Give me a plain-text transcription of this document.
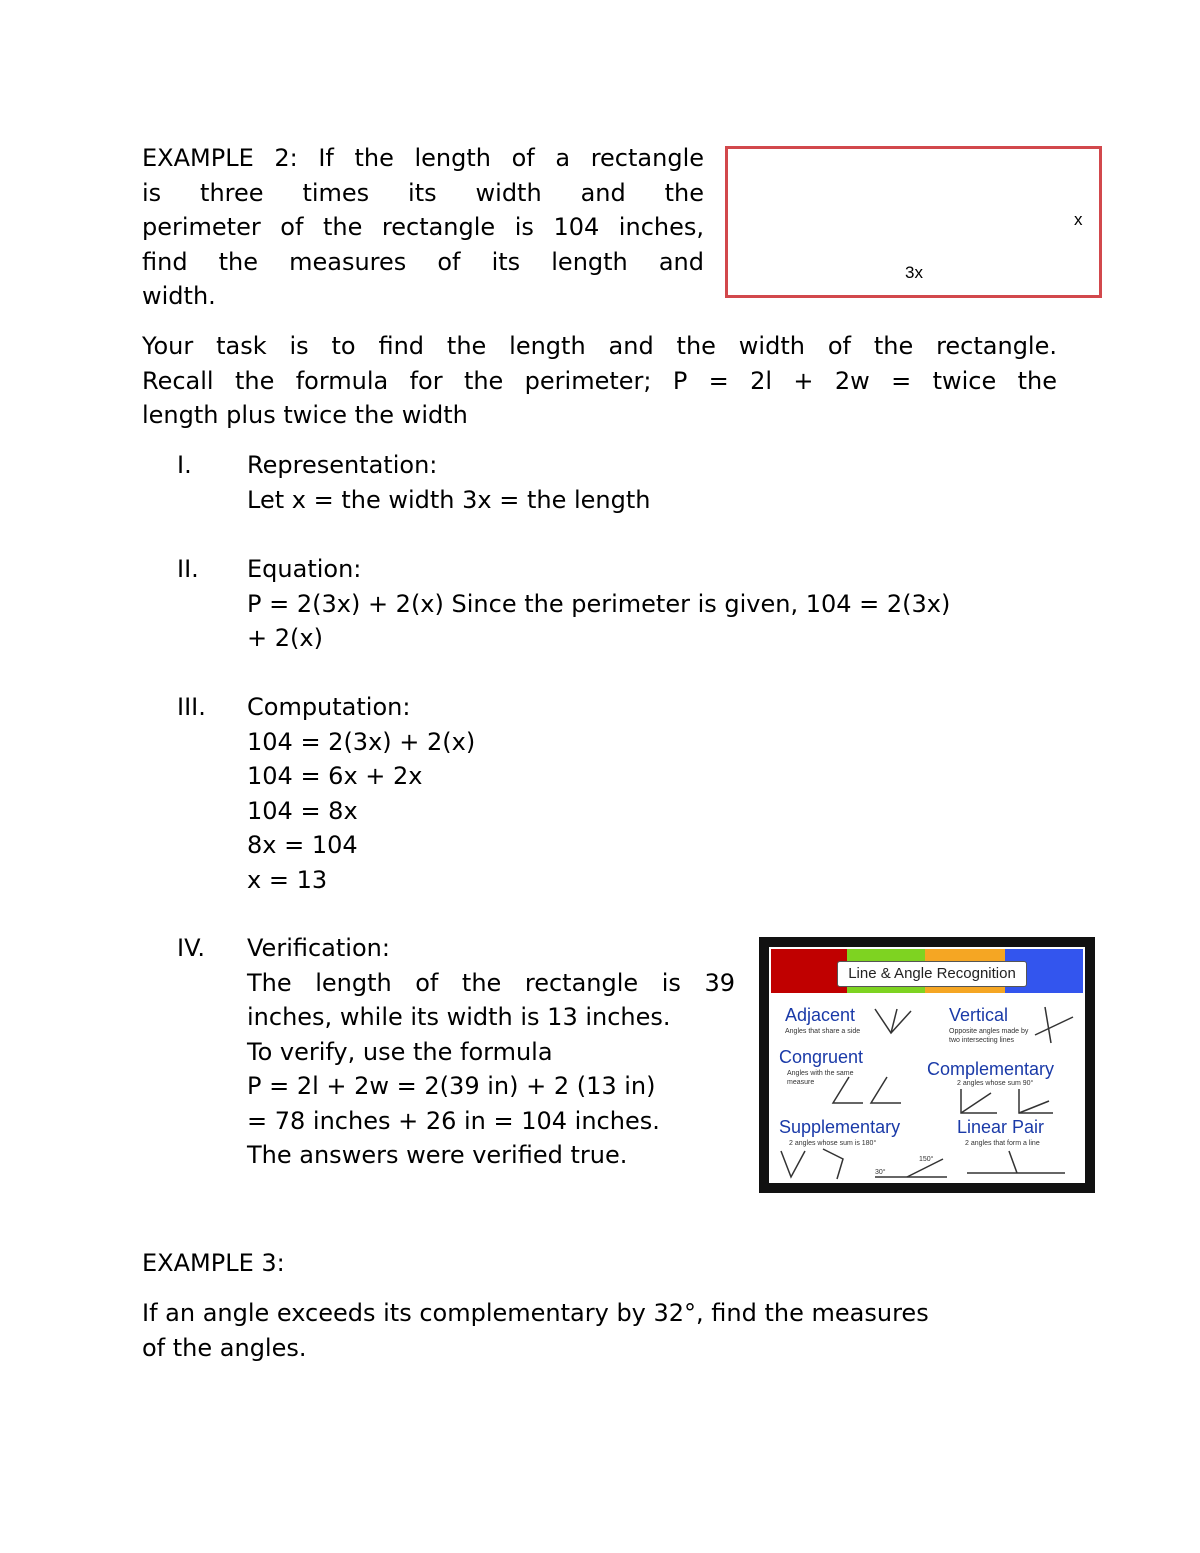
EXAMPLE 2: If the length of a rectangle
is three times its width and the
perimeter of the rectangle is 104 inches,
find the measures of its length and
width.
x
3x
Your task is to find the length and the width of the rectangle.
Recall the formula for the perimeter; P = 2l + 2w = twice the
length plus twice the width
I. Representation:
Let x = the width 3x = the length
II. Equation:
P = 2(3x) + 2(x) Since the perimeter is given, 104 = 2(3x)
+ 2(x)
III. Computation:
104 = 2(3x) + 2(x)
104 = 6x + 2x
104 = 8x
8x = 104
x = 13
IV. Verification:
The length of the rectangle is 39
inches, while its width is 13 inches.
To verify, use the formula
P = 2l + 2w = 2(39 in) + 2 (13 in)
= 78 inches + 26 in = 104 inches.
The answers were verified true.
Line & Angle Recognition
Adjacent
Angles that share a side
Vertical
Opposite angles made by two intersecting lines
Congruent
Angles with the same measure
Complementary
2 angles whose sum 90°
Supplementary
2 angles whose sum is 180°
30°
150°
Linear Pair
2 angles that form a line
EXAMPLE 3:
If an angle exceeds its complementary by 32°, find the measures
of the angles.
